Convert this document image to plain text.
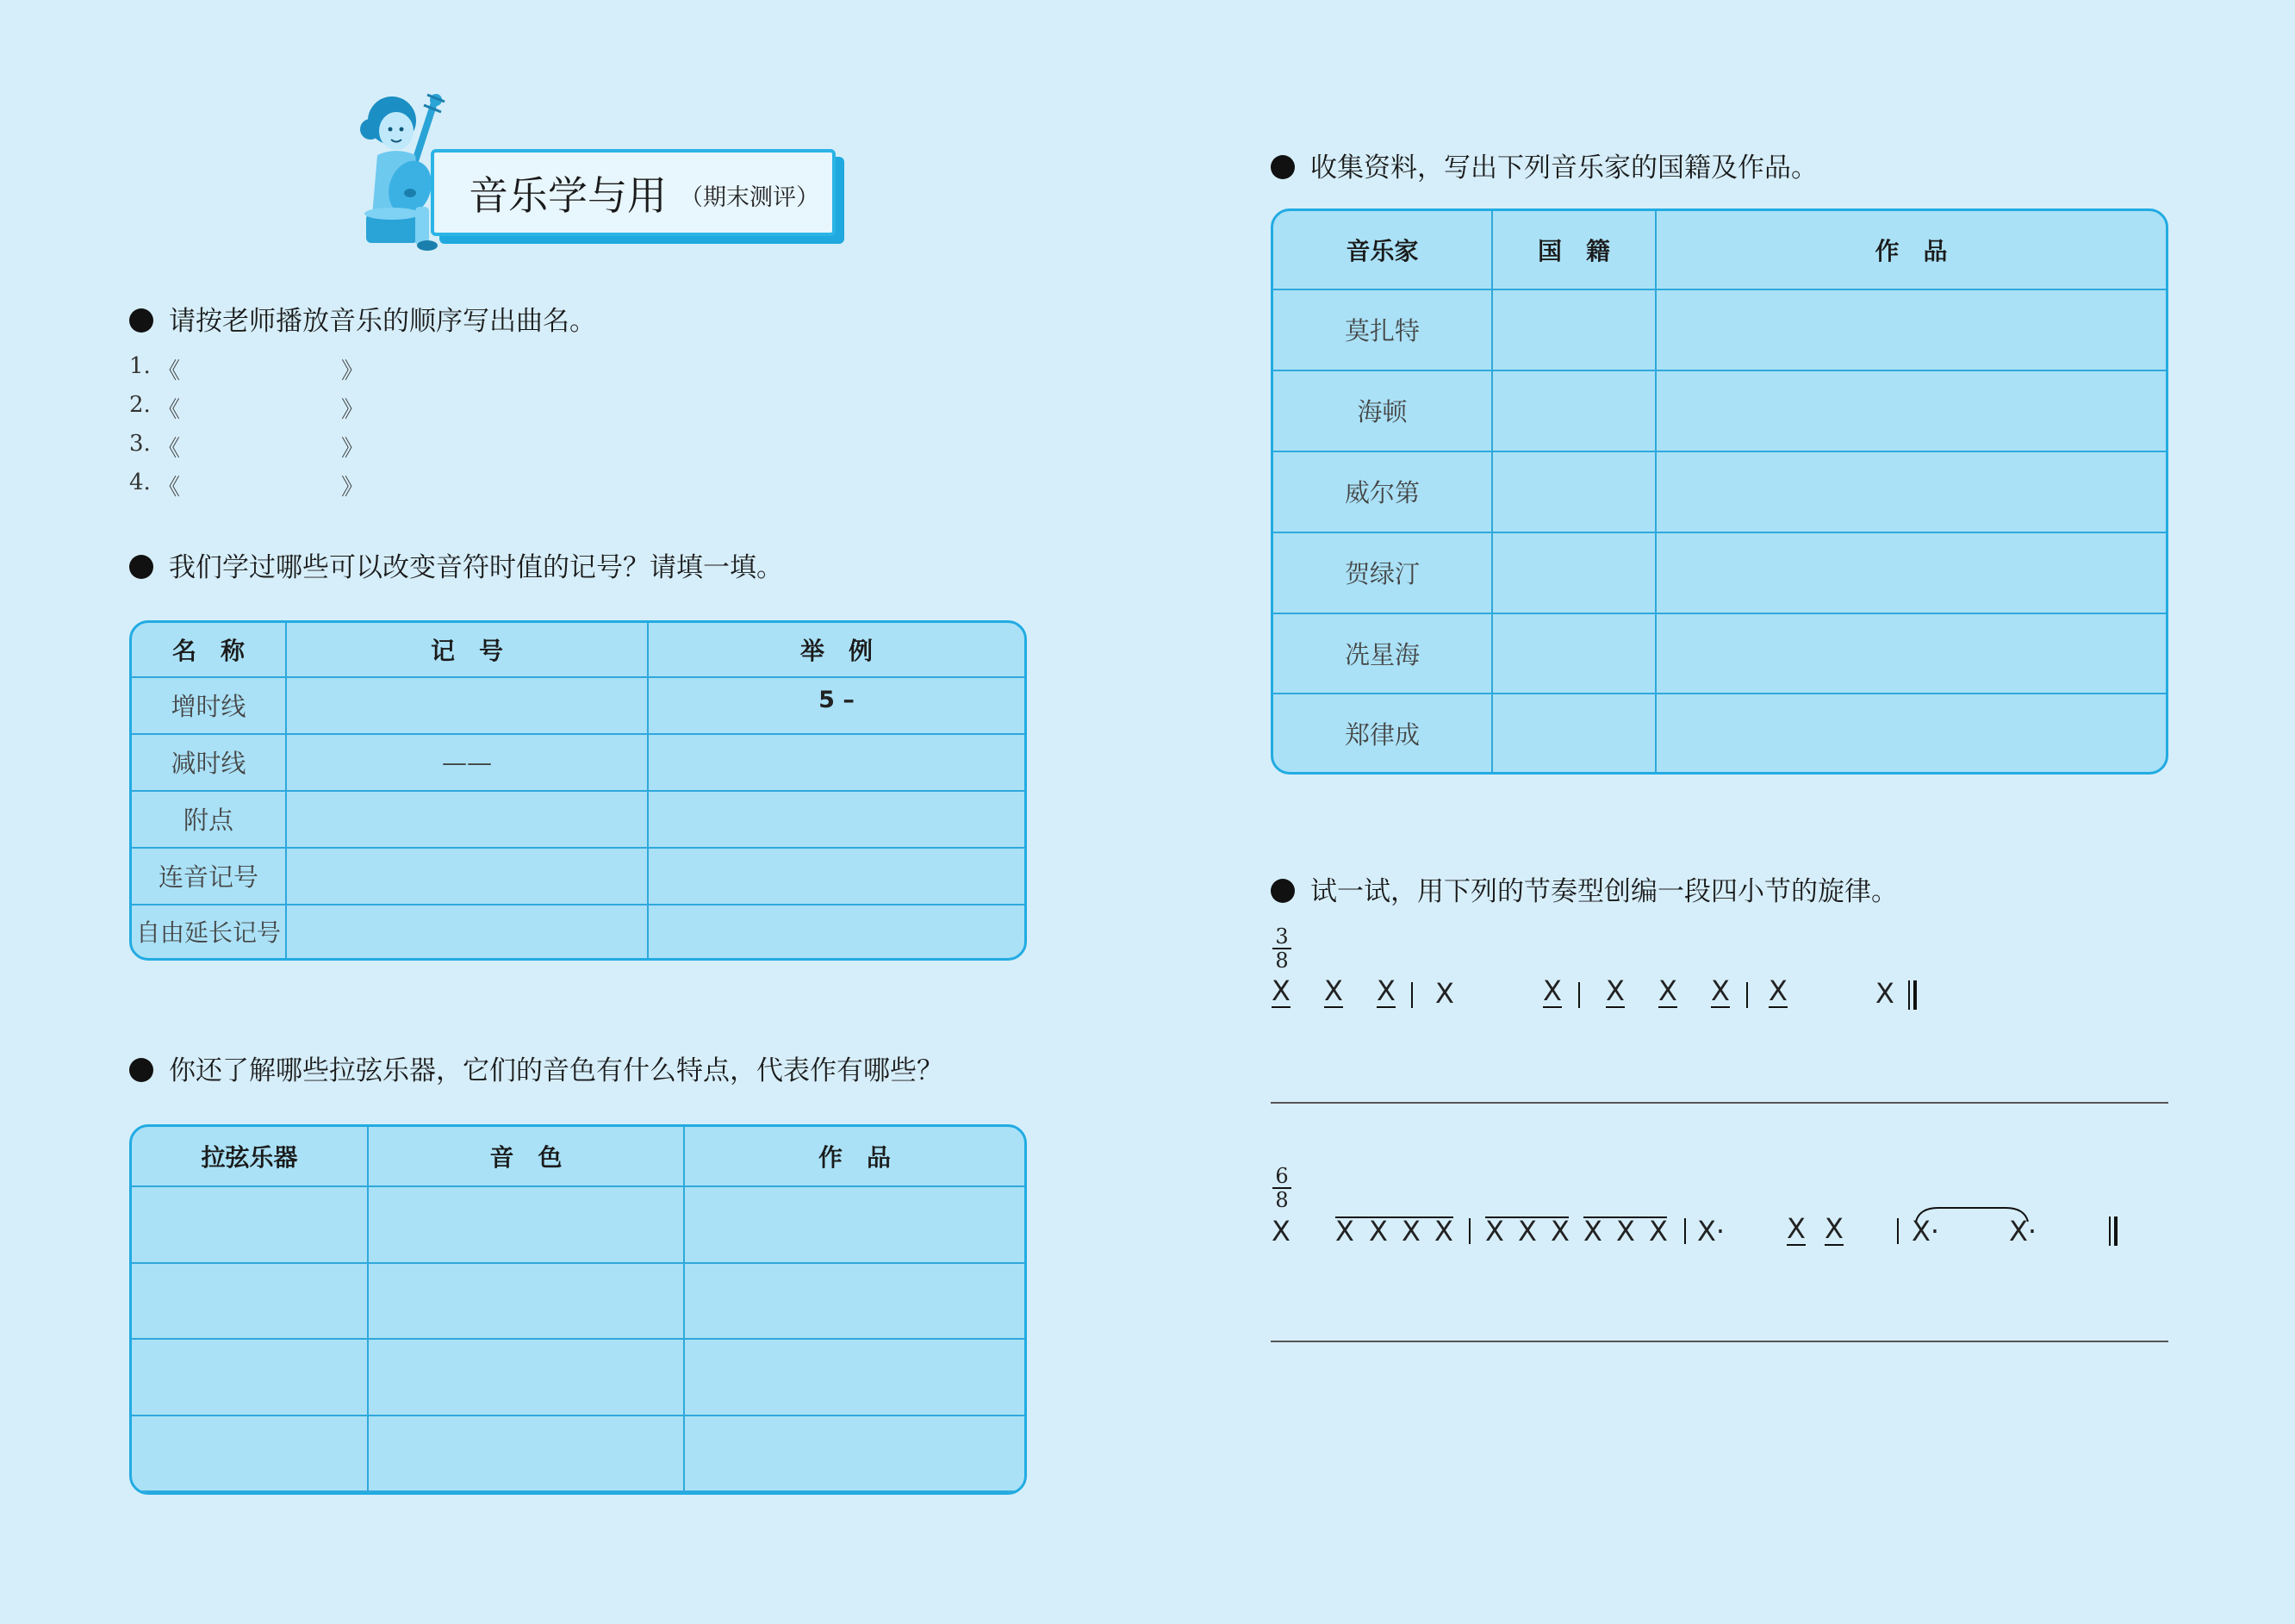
音乐学与用 （期末测评）
请按老师播放音乐的顺序写出曲名。
1. 《	》
2. 《	》
3. 《	》
4. 《	》
我们学过哪些可以改变音符时值的记号？请填一填。
名　称	记　号	举　例
增时线		5 –
减时线	——	
附点		
连音记号		
自由延长记号		
你还了解哪些拉弦乐器，它们的音色有什么特点，代表作有哪些？
拉弦乐器	音　色	作　品

收集资料，写出下列音乐家的国籍及作品。
音乐家	国　籍	作　品
莫扎特		
海顿		
威尔第		
贺绿汀		
冼星海		
郑律成		
试一试，用下列的节奏型创编一段四小节的旋律。
$\frac{3}{8}$
X X X X	X X X X X	X
$\frac{6}{8}$
X X X X X X X X X X X X· X X X·	X·
